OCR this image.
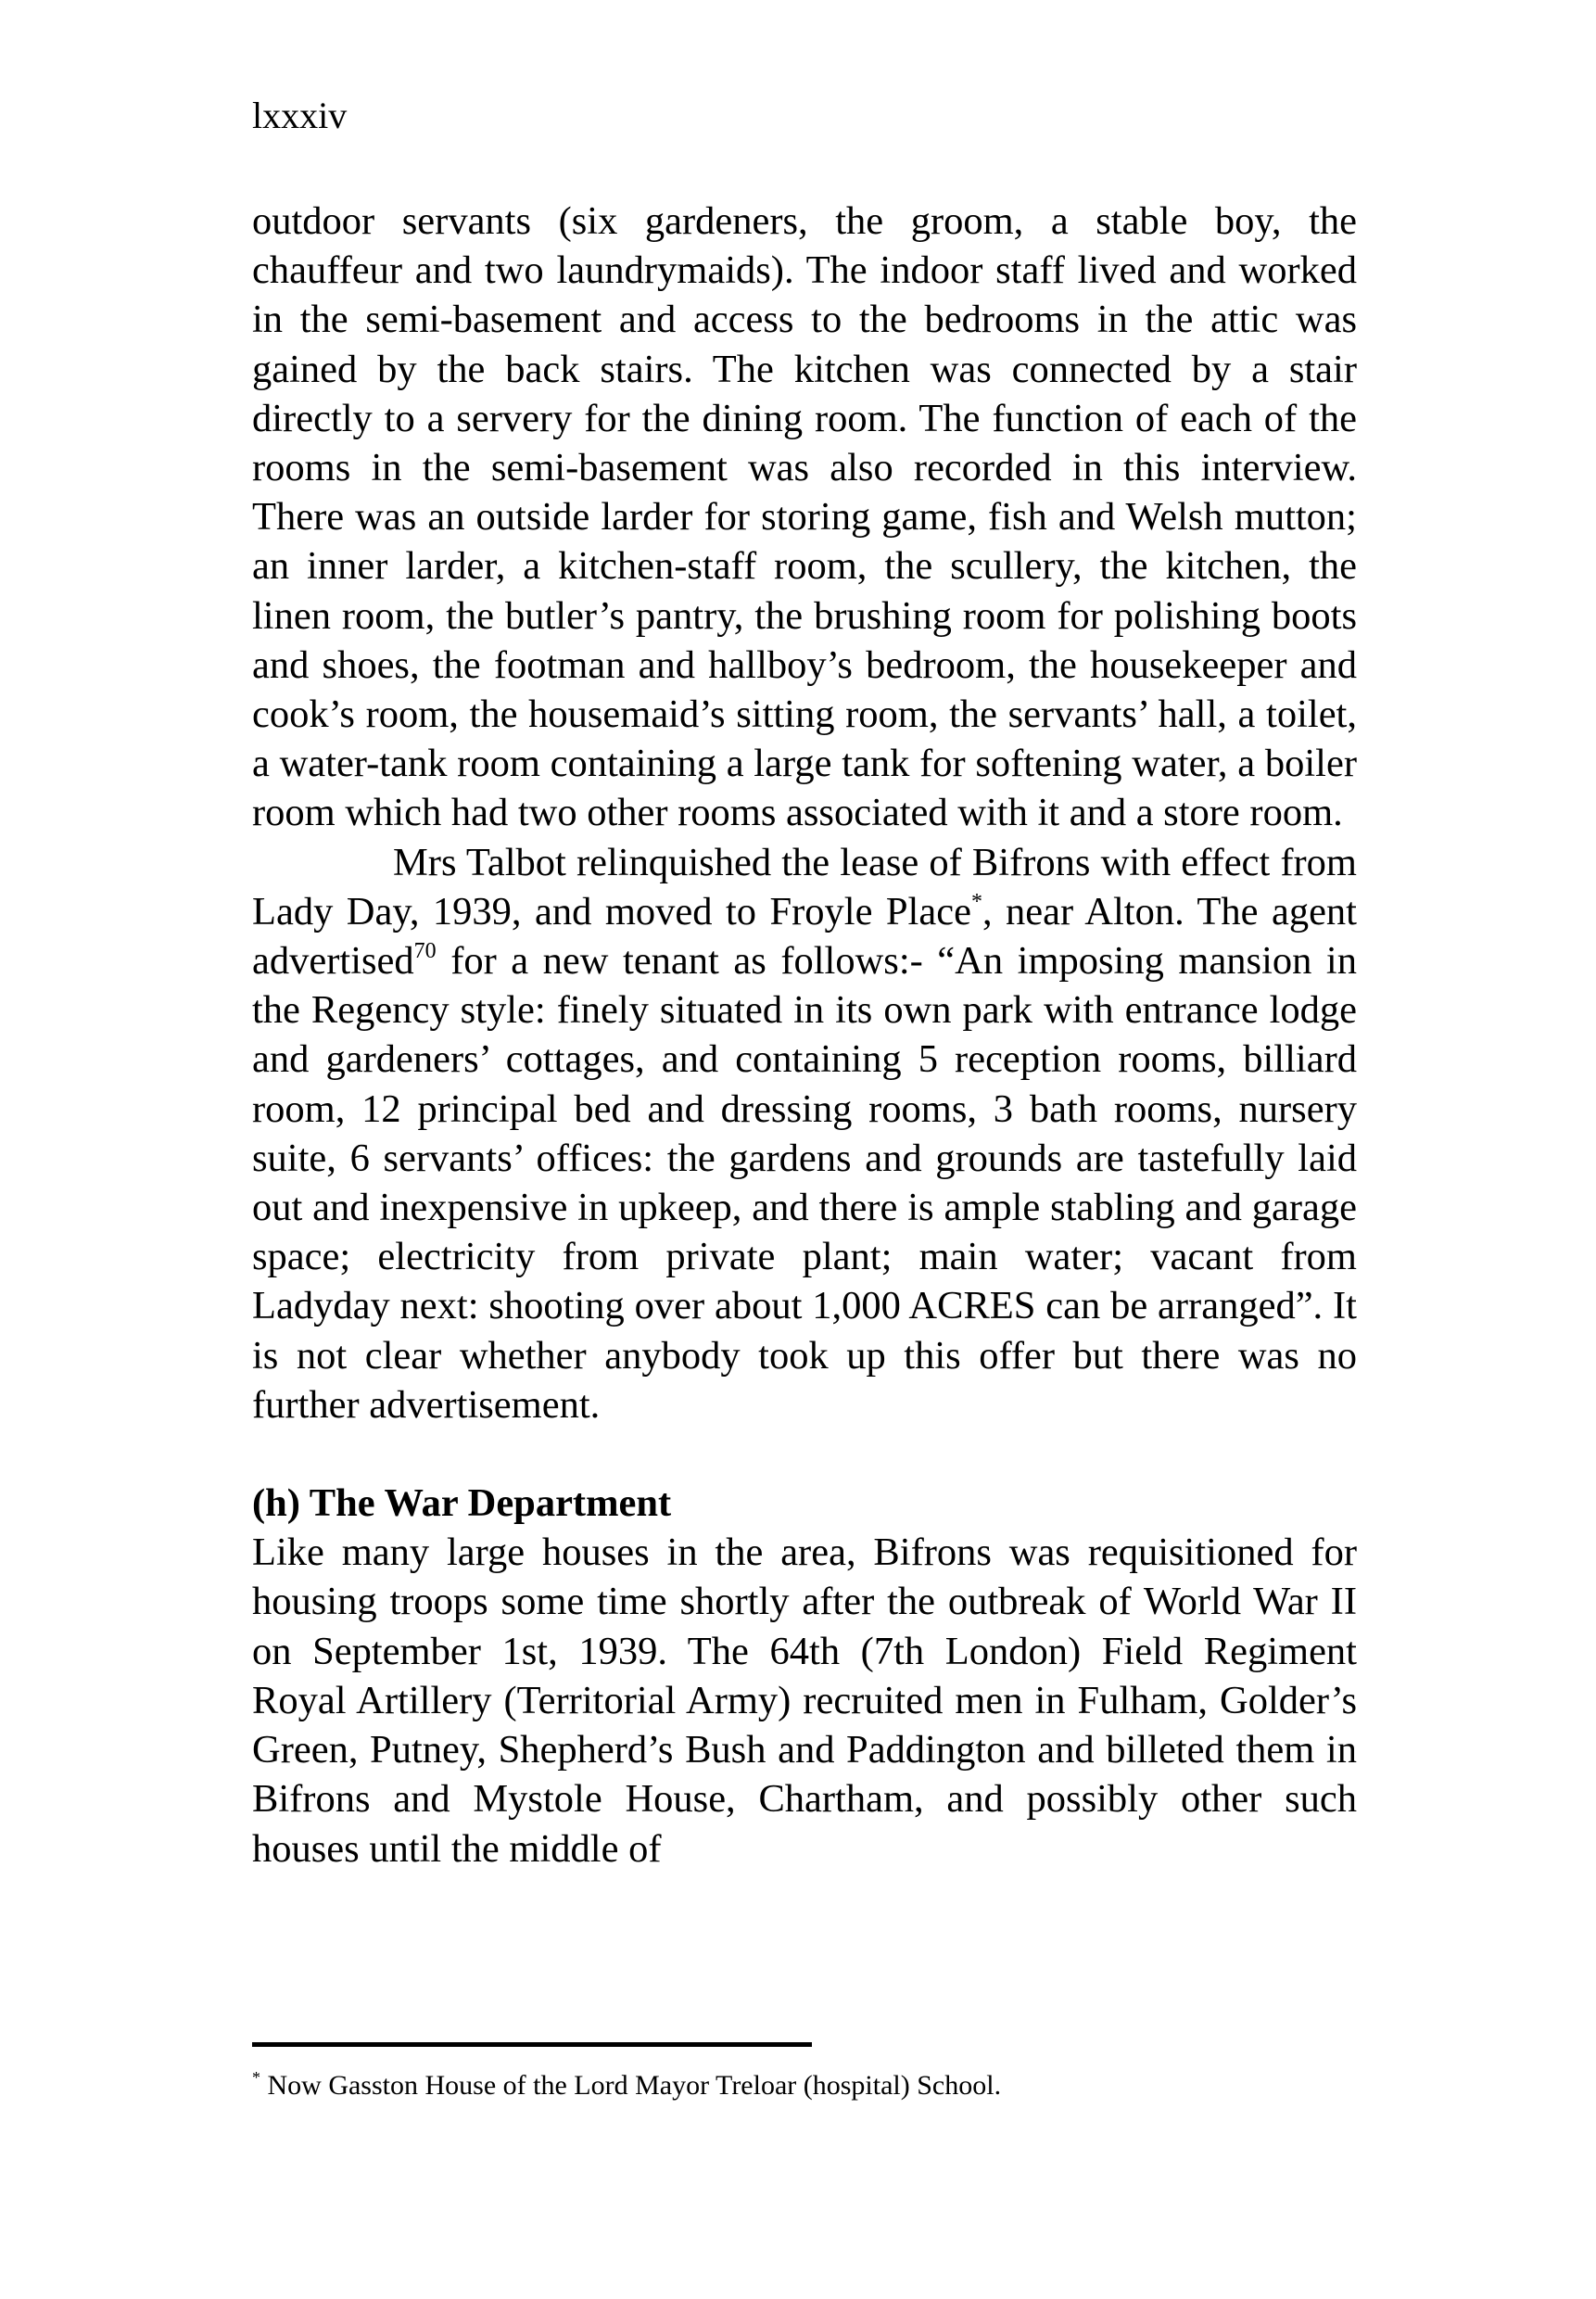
lxxxiv

outdoor servants (six gardeners, the groom, a stable boy, the chauffeur and two laundrymaids). The indoor staff lived and worked in the semi-basement and access to the bedrooms in the attic was gained by the back stairs. The kitchen was connected by a stair directly to a servery for the dining room. The function of each of the rooms in the semi-basement was also recorded in this interview. There was an outside larder for storing game, fish and Welsh mutton; an inner larder, a kitchen-staff room, the scullery, the kitchen, the linen room, the butler’s pantry, the brushing room for polishing boots and shoes, the footman and hallboy’s bedroom, the housekeeper and cook’s room, the housemaid’s sitting room, the servants’ hall, a toilet, a water-tank room containing a large tank for softening water, a boiler room which had two other rooms associated with it and a store room.

Mrs Talbot relinquished the lease of Bifrons with effect from Lady Day, 1939, and moved to Froyle Place*, near Alton. The agent advertised$^{70}$ for a new tenant as follows:- “An imposing mansion in the Regency style: finely situated in its own park with entrance lodge and gardeners’ cottages, and containing 5 reception rooms, billiard room, 12 principal bed and dressing rooms, 3 bath rooms, nursery suite, 6 servants’ offices: the gardens and grounds are tastefully laid out and inexpensive in upkeep, and there is ample stabling and garage space; electricity from private plant; main water; vacant from Ladyday next: shooting over about 1,000 ACRES can be arranged”. It is not clear whether anybody took up this offer but there was no further advertisement.

(h) The War Department

Like many large houses in the area, Bifrons was requisitioned for housing troops some time shortly after the outbreak of World War II on September 1st, 1939. The 64th (7th London) Field Regiment Royal Artillery (Territorial Army) recruited men in Fulham, Golder’s Green, Putney, Shepherd’s Bush and Paddington and billeted them in Bifrons and Mystole House, Chartham, and possibly other such houses until the middle of

* Now Gasston House of the Lord Mayor Treloar (hospital) School.
